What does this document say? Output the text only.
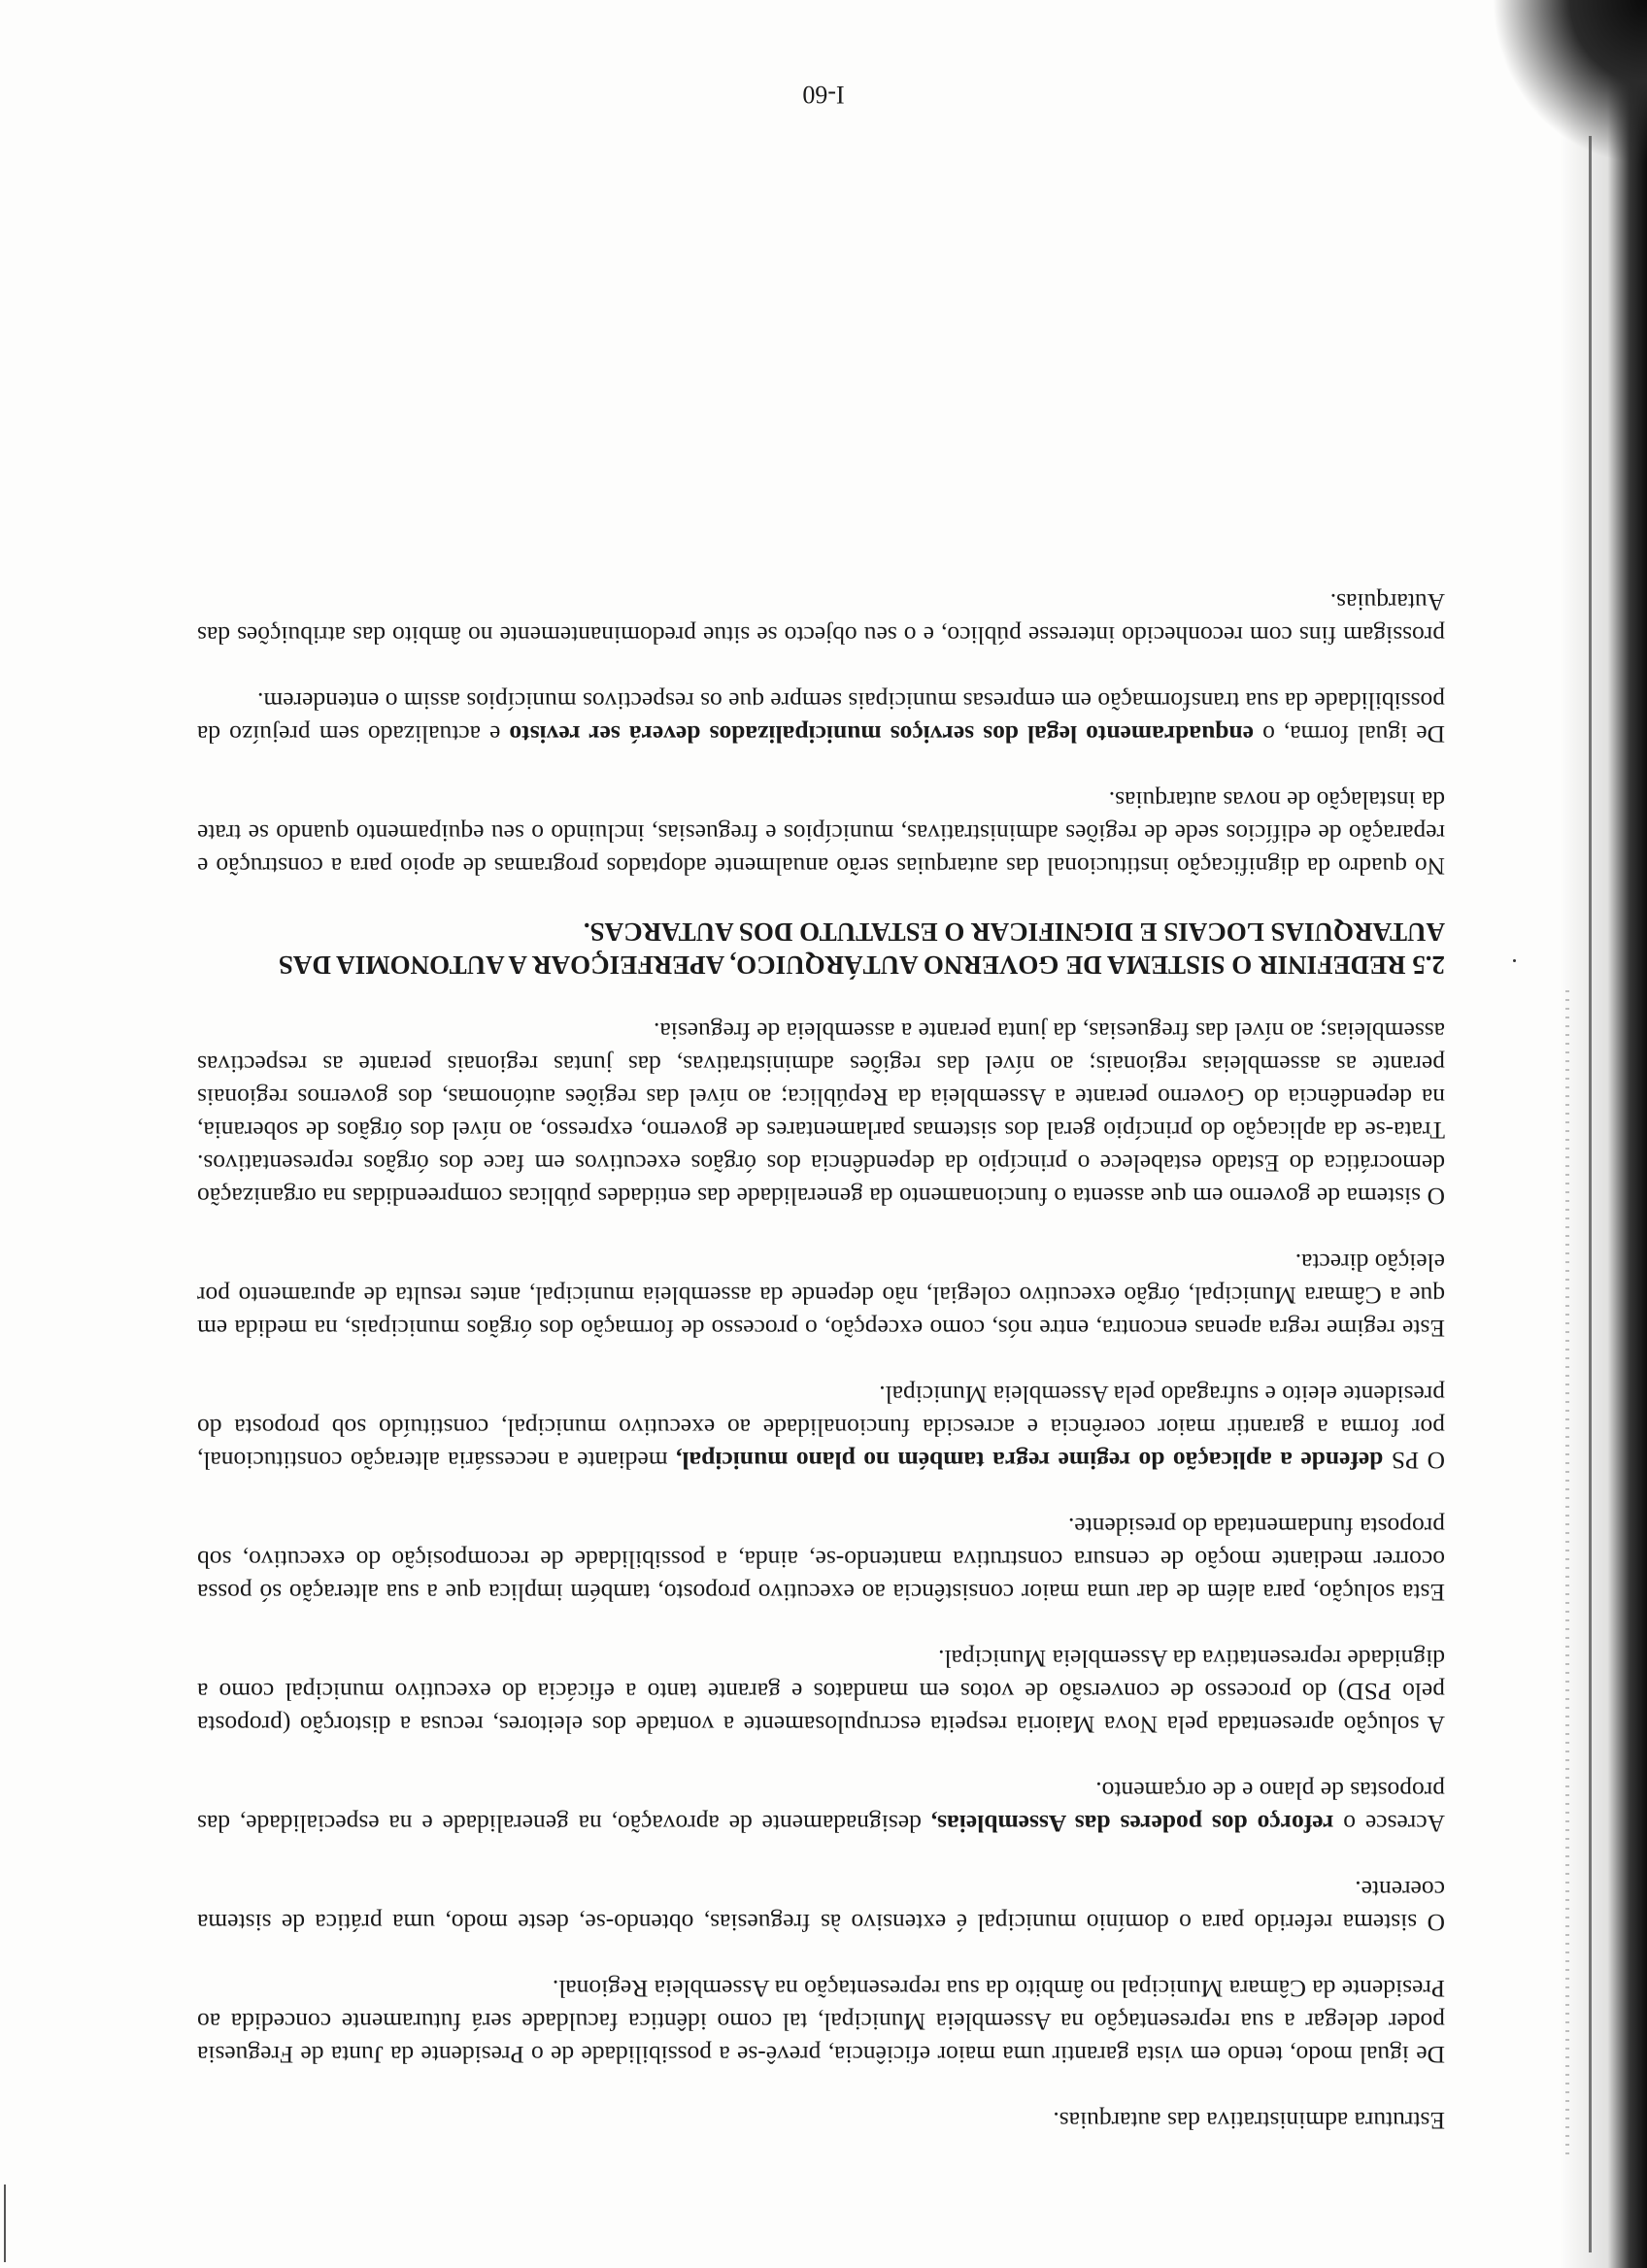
Estrutura administrativa das autarquias.

De igual modo, tendo em vista garantir uma maior eficiência, prevê-se a possibilidade de o Presidente da Junta de Freguesia poder delegar a sua representação na Assembleia Municipal, tal como idêntica faculdade será futuramente concedida ao Presidente da Câmara Municipal no âmbito da sua representação na Assembleia Regional.

O sistema referido para o domínio municipal é extensivo às freguesias, obtendo-se, deste modo, uma prática de sistema coerente.

Acresce o reforço dos poderes das Assembleias, designadamente de aprovação, na generalidade e na especialidade, das propostas de plano e de orçamento.

A solução apresentada pela Nova Maioria respeita escrupulosamente a vontade dos eleitores, recusa a distorção (proposta pelo PSD) do processo de conversão de votos em mandatos e garante tanto a eficácia do executivo municipal como a dignidade representativa da Assembleia Municipal.

Esta solução, para além de dar uma maior consistência ao executivo proposto, também implica que a sua alteração só possa ocorrer mediante moção de censura construtiva mantendo-se, ainda, a possibilidade de recomposição do executivo, sob proposta fundamentada do presidente.

O PS defende a aplicação do regime regra também no plano municipal, mediante a necessária alteração constitucional, por forma a garantir maior coerência e acrescida funcionalidade ao executivo municipal, constituído sob proposta do presidente eleito e sufragado pela Assembleia Municipal.

Este regime regra apenas encontra, entre nós, como excepção, o processo de formação dos órgãos municipais, na medida em que a Câmara Municipal, órgão executivo colegial, não depende da assembleia municipal, antes resulta de apuramento por eleição directa.

O sistema de governo em que assenta o funcionamento da generalidade das entidades públicas compreendidas na organização democrática do Estado estabelece o princípio da dependência dos órgãos executivos em face dos órgãos representativos. Trata-se da aplicação do princípio geral dos sistemas parlamentares de governo, expresso, ao nível dos órgãos de soberania, na dependência do Governo perante a Assembleia da República; ao nível das regiões autónomas, dos governos regionais perante as assembleias regionais; ao nível das regiões administrativas, das juntas regionais perante as respectivas assembleias; ao nível das freguesias, da junta perante a assembleia de freguesia.

2.5 REDEFINIR O SISTEMA DE GOVERNO AUTÁRQUICO, APERFEIÇOAR A AUTONOMIA DAS AUTARQUIAS LOCAIS E DIGNIFICAR O ESTATUTO DOS AUTARCAS.

No quadro da dignificação institucional das autarquias serão anualmente adoptados programas de apoio para a construção e reparação de edifícios sede de regiões administrativas, municípios e freguesias, incluindo o seu equipamento quando se trate da instalação de novas autarquias.

De igual forma, o enquadramento legal dos serviços municipalizados deverá ser revisto e actualizado sem prejuízo da possibilidade da sua transformação em empresas municipais sempre que os respectivos municípios assim o entenderem.

prossigam fins com reconhecido interesse público, e o seu objecto se situe predominantemente no âmbito das atribuições das Autarquias.

I-60
